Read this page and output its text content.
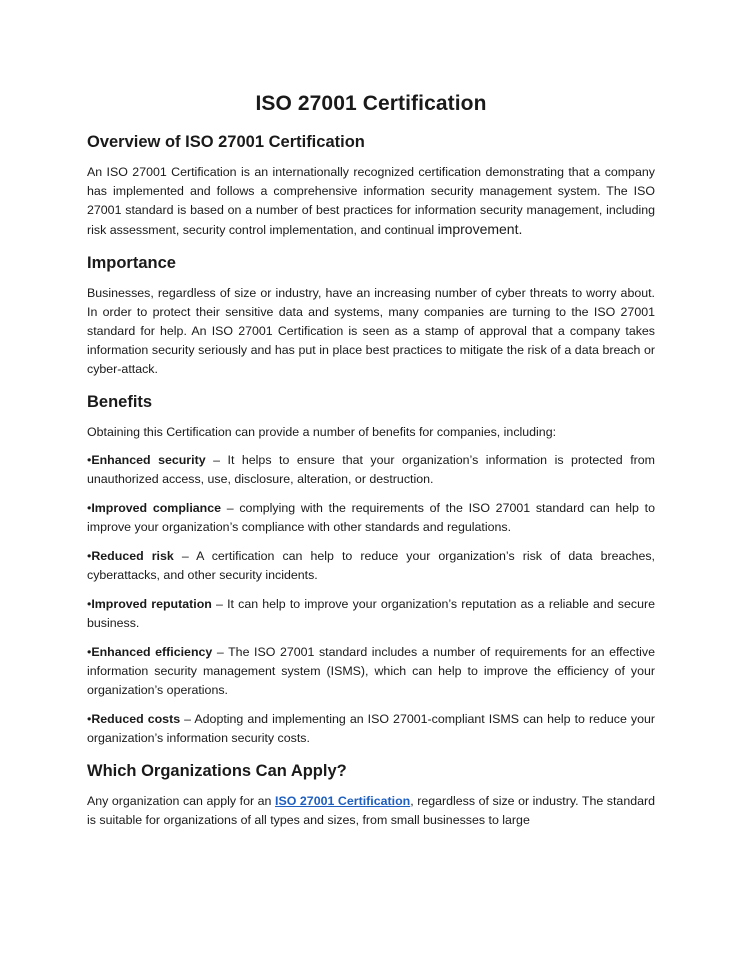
ISO 27001 Certification
Overview of ISO 27001 Certification

An ISO 27001 Certification is an internationally recognized certification demonstrating that a company has implemented and follows a comprehensive information security management system. The ISO 27001 standard is based on a number of best practices for information security management, including risk assessment, security control implementation, and continual improvement.

Importance

Businesses, regardless of size or industry, have an increasing number of cyber threats to worry about. In order to protect their sensitive data and systems, many companies are turning to the ISO 27001 standard for help. An ISO 27001 Certification is seen as a stamp of approval that a company takes information security seriously and has put in place best practices to mitigate the risk of a data breach or cyber-attack.

Benefits

Obtaining this Certification can provide a number of benefits for companies, including:

•Enhanced security – It helps to ensure that your organization’s information is protected from unauthorized access, use, disclosure, alteration, or destruction.

•Improved compliance – complying with the requirements of the ISO 27001 standard can help to improve your organization’s compliance with other standards and regulations.

•Reduced risk – A certification can help to reduce your organization’s risk of data breaches, cyberattacks, and other security incidents.

•Improved reputation – It can help to improve your organization’s reputation as a reliable and secure business.

•Enhanced efficiency – The ISO 27001 standard includes a number of requirements for an effective information security management system (ISMS), which can help to improve the efficiency of your organization’s operations.

•Reduced costs – Adopting and implementing an ISO 27001-compliant ISMS can help to reduce your organization’s information security costs.

Which Organizations Can Apply?

Any organization can apply for an ISO 27001 Certification, regardless of size or industry. The standard is suitable for organizations of all types and sizes, from small businesses to large
